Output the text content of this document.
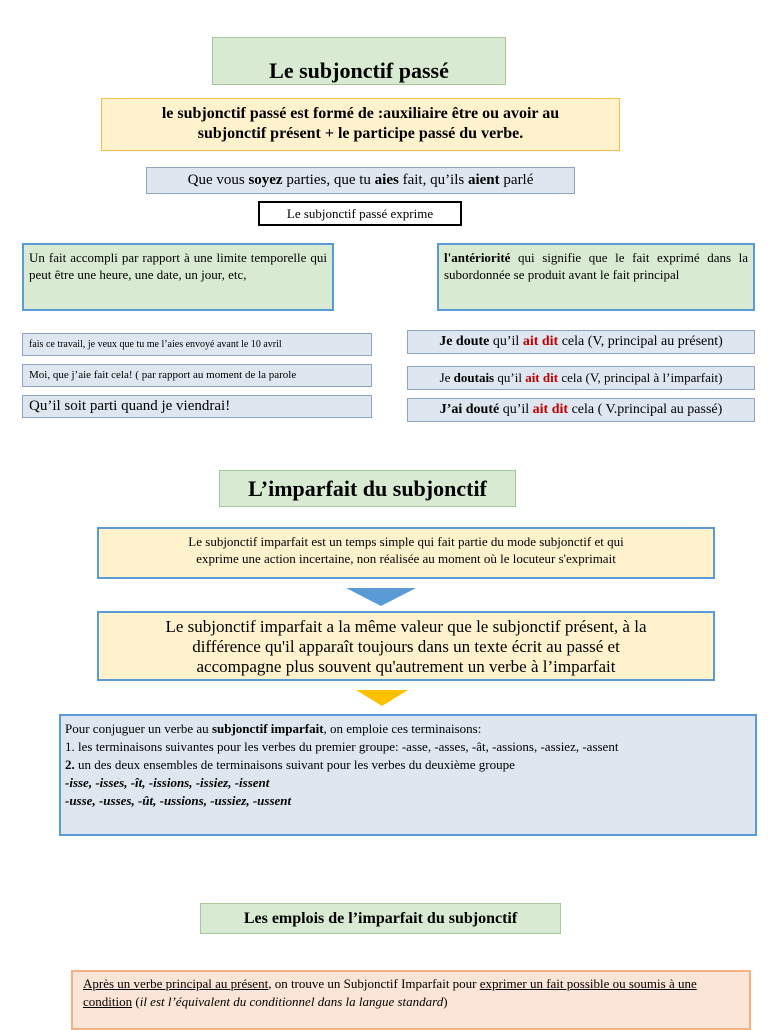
Le subjonctif passé
le subjonctif passé est formé de :auxiliaire être ou avoir au
subjonctif présent + le participe passé du verbe.
Que vous soyez parties, que tu aies fait, qu’ils aient parlé
Le subjonctif passé exprime
Un fait accompli par rapport à une limite temporelle qui peut être une heure, une date, un jour, etc,
l'antériorité qui signifie que le fait exprimé dans la subordonnée se produit avant le fait principal
fais ce travail, je veux que tu me l’aies envoyé avant le 10 avril
Moi, que j’aie fait cela! ( par rapport au moment de la parole
Qu’il soit parti quand je viendrai!
Je doute qu’il ait dit cela (V, principal au présent)
Je doutais qu’il ait dit cela (V, principal à l’imparfait)
J’ai douté qu’il ait dit cela ( V.principal au passé)
L’imparfait du subjonctif
Le subjonctif imparfait est un temps simple qui fait partie du mode subjonctif et qui
exprime une action incertaine, non réalisée au moment où le locuteur s'exprimait
Le subjonctif imparfait a la même valeur que le subjonctif présent, à la
différence qu'il apparaît toujours dans un texte écrit au passé et
accompagne plus souvent qu'autrement un verbe à l’imparfait
Pour conjuguer un verbe au subjonctif imparfait, on emploie ces terminaisons:
1. les terminaisons suivantes pour les verbes du premier groupe: -asse, -asses, -ât, -assions, -assiez, -assent
2. un des deux ensembles de terminaisons suivant pour les verbes du deuxième groupe
-isse, -isses, -ît, -issions, -issiez, -issent
-usse, -usses, -ût, -ussions, -ussiez, -ussent
Les emplois de l’imparfait du subjonctif
Après un verbe principal au présent, on trouve un Subjonctif Imparfait pour exprimer un fait possible ou soumis à une condition (il est l’équivalent du conditionnel dans la langue standard)
